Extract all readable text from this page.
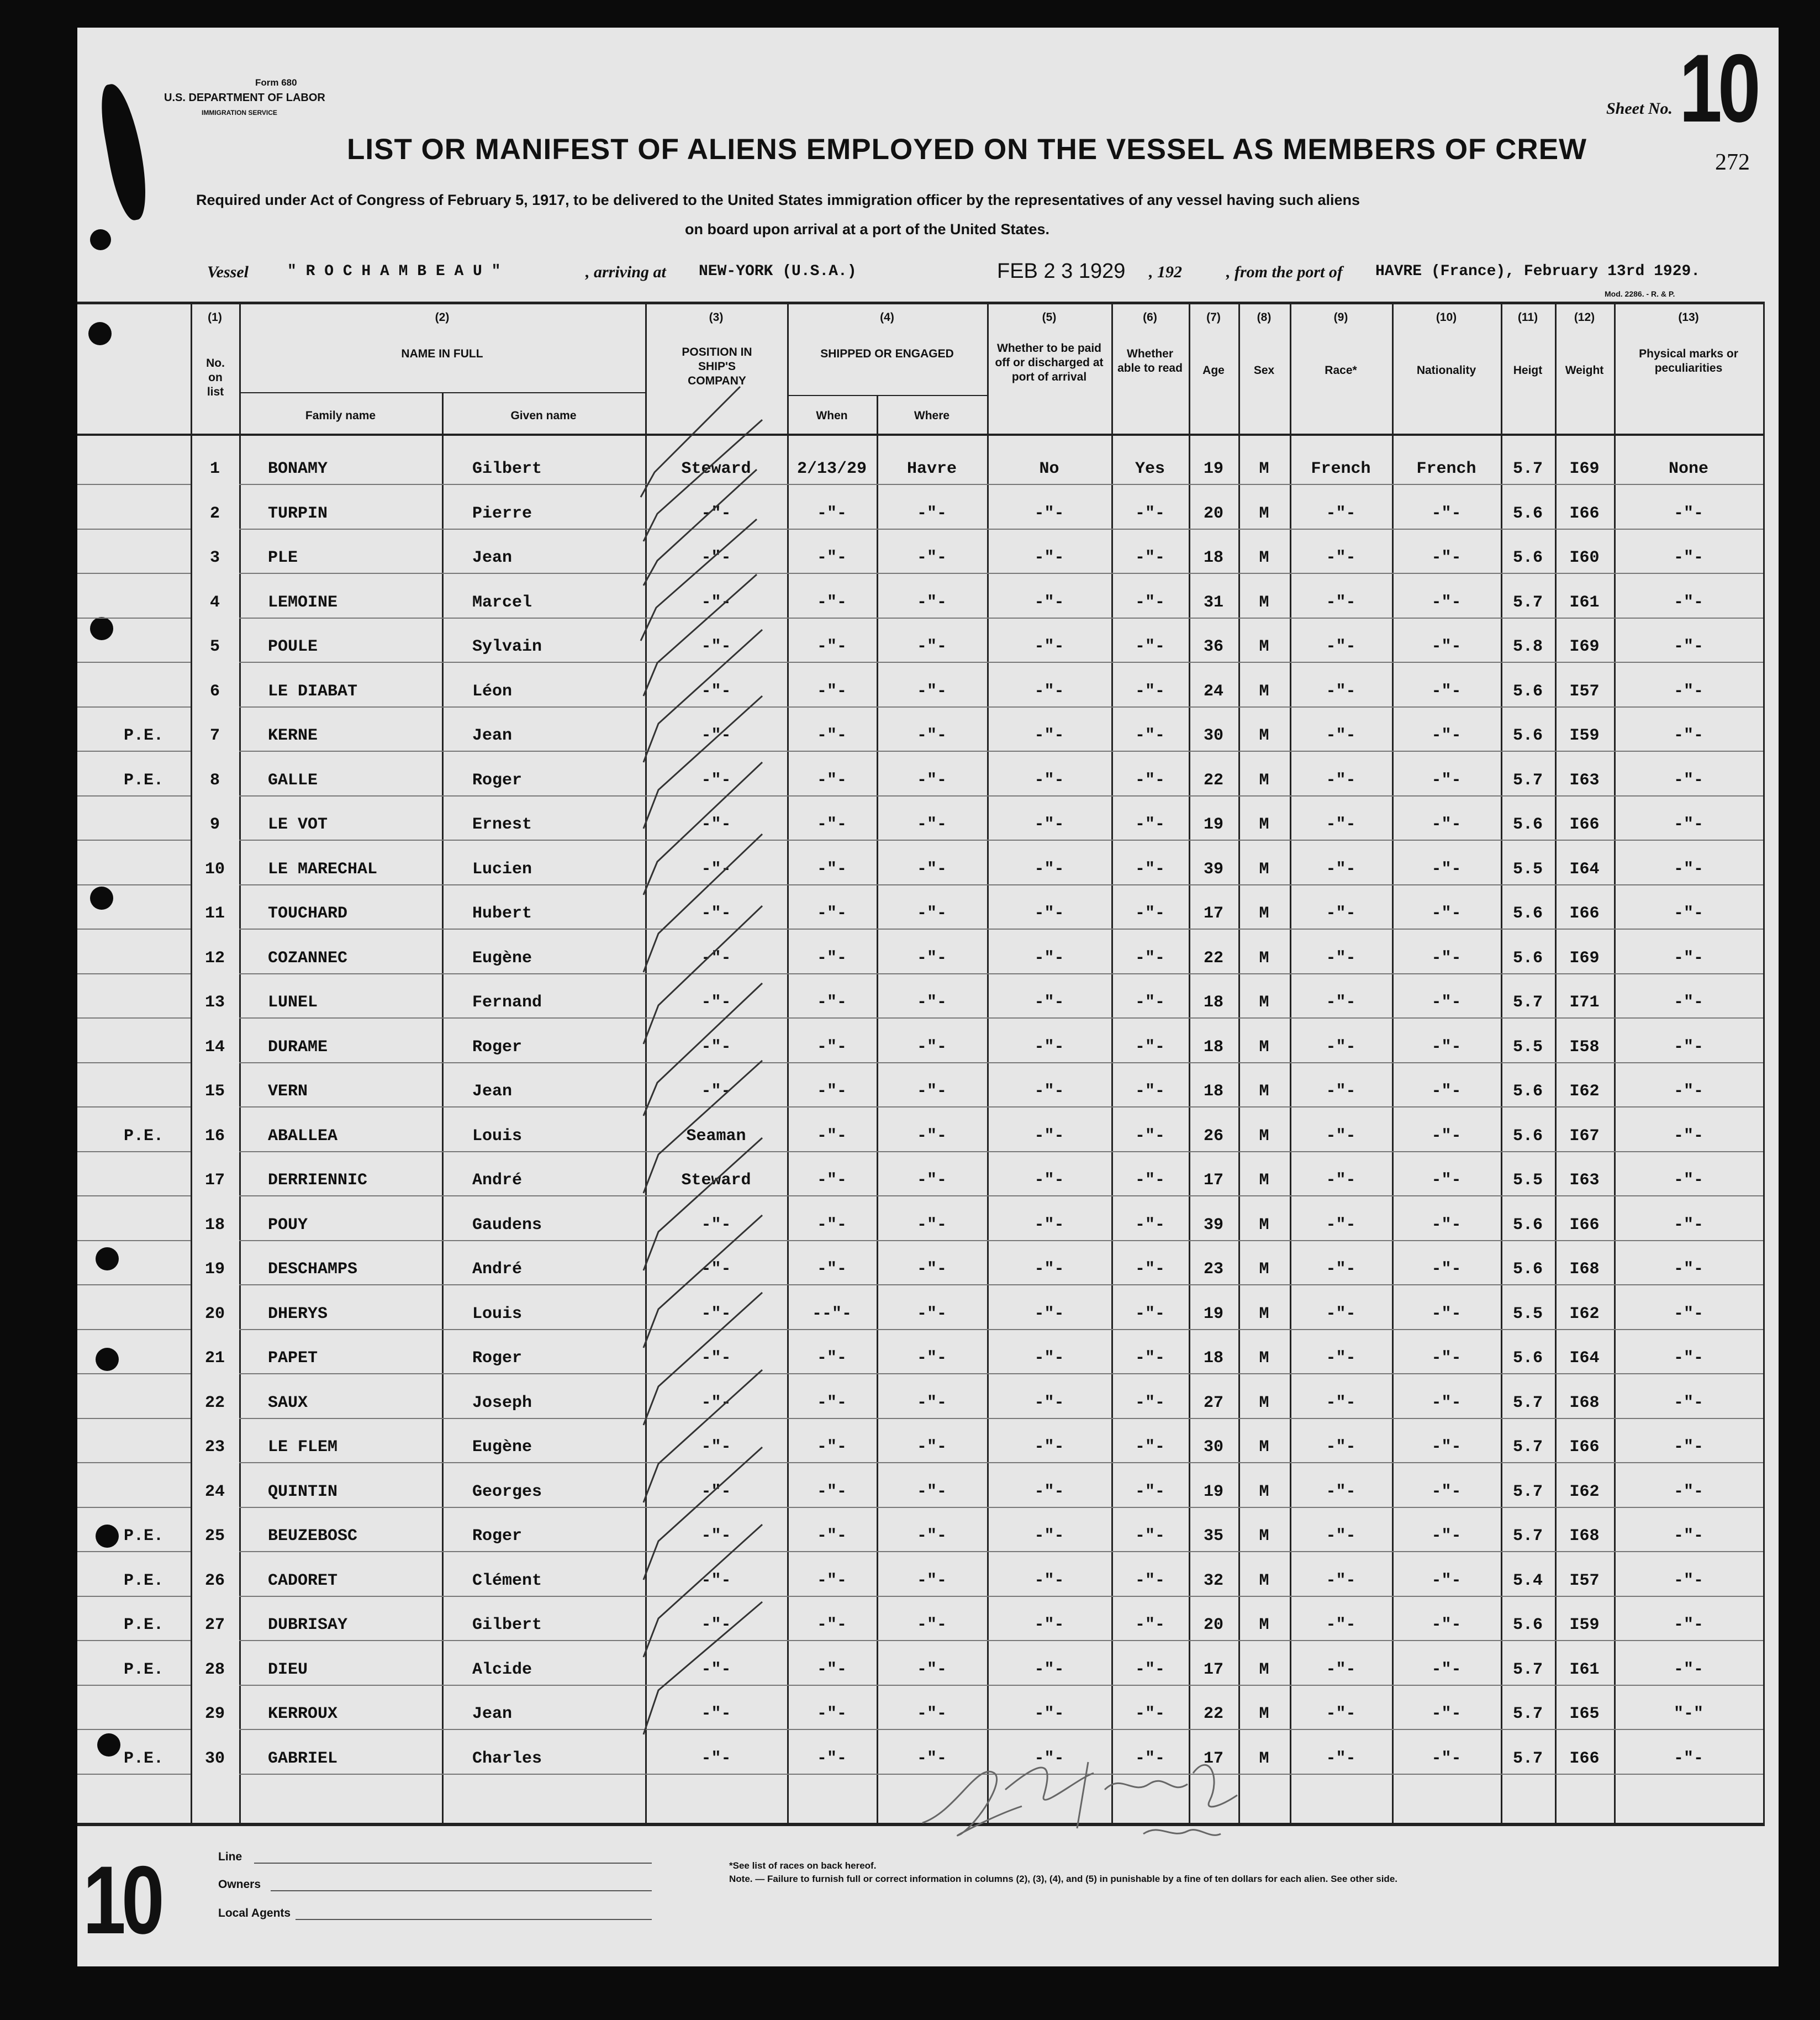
Form 680
U.S. DEPARTMENT OF LABOR
IMMIGRATION SERVICE	Sheet No. 10
272
LIST OR MANIFEST OF ALIENS EMPLOYED ON THE VESSEL AS MEMBERS OF CREW
Required under Act of Congress of February 5, 1917, to be delivered to the United States immigration officer by the representatives of any vessel having such aliens
on board upon arrival at a port of the United States.
Vessel	" R O C H A M B E A U "	, arriving at NEW-YORK (U.S.A.)	FEB 2 3 1929 , 192	, from the port of HAVRE (France), February 13rd 1929.
Mod. 2286. - R. & P.
(1)	(2)	(3)	(4)	(5)	(6)	(7)	(8)	(9)	(10)	(11)	(12)	(13)
No. on list
NAME IN FULL
Family name	Given name
POSITION IN SHIP'S COMPANY
SHIPPED OR ENGAGED
When	Where
Whether to be paid off or discharged at port of arrival
Whether able to read	Age	Sex	Race*	Nationality	Heigt	Weight
Physical marks or peculiarities
1	BONAMY	Gilbert	Steward	2/13/29	Havre	No	Yes	19	M	French	French	5.7	I69	None
2	TURPIN	Pierre	-"-	-"-	-"-	-"-	-"-	20	M	-"-	-"-	5.6	I66	-"-
3	PLE	Jean	-"-	-"-	-"-	-"-	-"-	18	M	-"-	-"-	5.6	I60	-"-
4	LEMOINE	Marcel	-"-	-"-	-"-	-"-	-"-	31	M	-"-	-"-	5.7	I61	-"-
5	POULE	Sylvain	-"-	-"-	-"-	-"-	-"-	36	M	-"-	-"-	5.8	I69	-"-
6	LE DIABAT	Léon	-"-	-"-	-"-	-"-	-"-	24	M	-"-	-"-	5.6	I57	-"-
P.E.	7	KERNE	Jean	-"-	-"-	-"-	-"-	-"-	30	M	-"-	-"-	5.6	I59	-"-
P.E.	8	GALLE	Roger	-"-	-"-	-"-	-"-	-"-	22	M	-"-	-"-	5.7	I63	-"-
9	LE VOT	Ernest	-"-	-"-	-"-	-"-	-"-	19	M	-"-	-"-	5.6	I66	-"-
10	LE MARECHAL	Lucien	-"-	-"-	-"-	-"-	-"-	39	M	-"-	-"-	5.5	I64	-"-
11	TOUCHARD	Hubert	-"-	-"-	-"-	-"-	-"-	17	M	-"-	-"-	5.6	I66	-"-
12	COZANNEC	Eugène	-"-	-"-	-"-	-"-	-"-	22	M	-"-	-"-	5.6	I69	-"-
13	LUNEL	Fernand	-"-	-"-	-"-	-"-	-"-	18	M	-"-	-"-	5.7	I71	-"-
14	DURAME	Roger	-"-	-"-	-"-	-"-	-"-	18	M	-"-	-"-	5.5	I58	-"-
15	VERN	Jean	-"-	-"-	-"-	-"-	-"-	18	M	-"-	-"-	5.6	I62	-"-
P.E.	16	ABALLEA	Louis	Seaman	-"-	-"-	-"-	-"-	26	M	-"-	-"-	5.6	I67	-"-
17	DERRIENNIC	André	Steward	-"-	-"-	-"-	-"-	17	M	-"-	-"-	5.5	I63	-"-
18	POUY	Gaudens	-"-	-"-	-"-	-"-	-"-	39	M	-"-	-"-	5.6	I66	-"-
19	DESCHAMPS	André	-"-	-"-	-"-	-"-	-"-	23	M	-"-	-"-	5.6	I68	-"-
20	DHERYS	Louis	-"-	--"-	-"-	-"-	-"-	19	M	-"-	-"-	5.5	I62	-"-
21	PAPET	Roger	-"-	-"-	-"-	-"-	-"-	18	M	-"-	-"-	5.6	I64	-"-
22	SAUX	Joseph	-"-	-"-	-"-	-"-	-"-	27	M	-"-	-"-	5.7	I68	-"-
23	LE FLEM	Eugène	-"-	-"-	-"-	-"-	-"-	30	M	-"-	-"-	5.7	I66	-"-
24	QUINTIN	Georges	-"-	-"-	-"-	-"-	-"-	19	M	-"-	-"-	5.7	I62	-"-
P.E.	25	BEUZEBOSC	Roger	-"-	-"-	-"-	-"-	-"-	35	M	-"-	-"-	5.7	I68	-"-
P.E.	26	CADORET	Clément	-"-	-"-	-"-	-"-	-"-	32	M	-"-	-"-	5.4	I57	-"-
P.E.	27	DUBRISAY	Gilbert	-"-	-"-	-"-	-"-	-"-	20	M	-"-	-"-	5.6	I59	-"-
P.E.	28	DIEU	Alcide	-"-	-"-	-"-	-"-	-"-	17	M	-"-	-"-	5.7	I61	-"-
29	KERROUX	Jean	-"-	-"-	-"-	-"-	-"-	22	M	-"-	-"-	5.7	I65	"-"
P.E.	30	GABRIEL	Charles	-"-	-"-	-"-	-"-	-"-	17	M	-"-	-"-	5.7	I66	-"-
10	Line
Owners
Local Agents
*See list of races on back hereof.
Note. — Failure to furnish full or correct information in columns (2), (3), (4), and (5) in punishable by a fine of ten dollars for each alien. See other side.
